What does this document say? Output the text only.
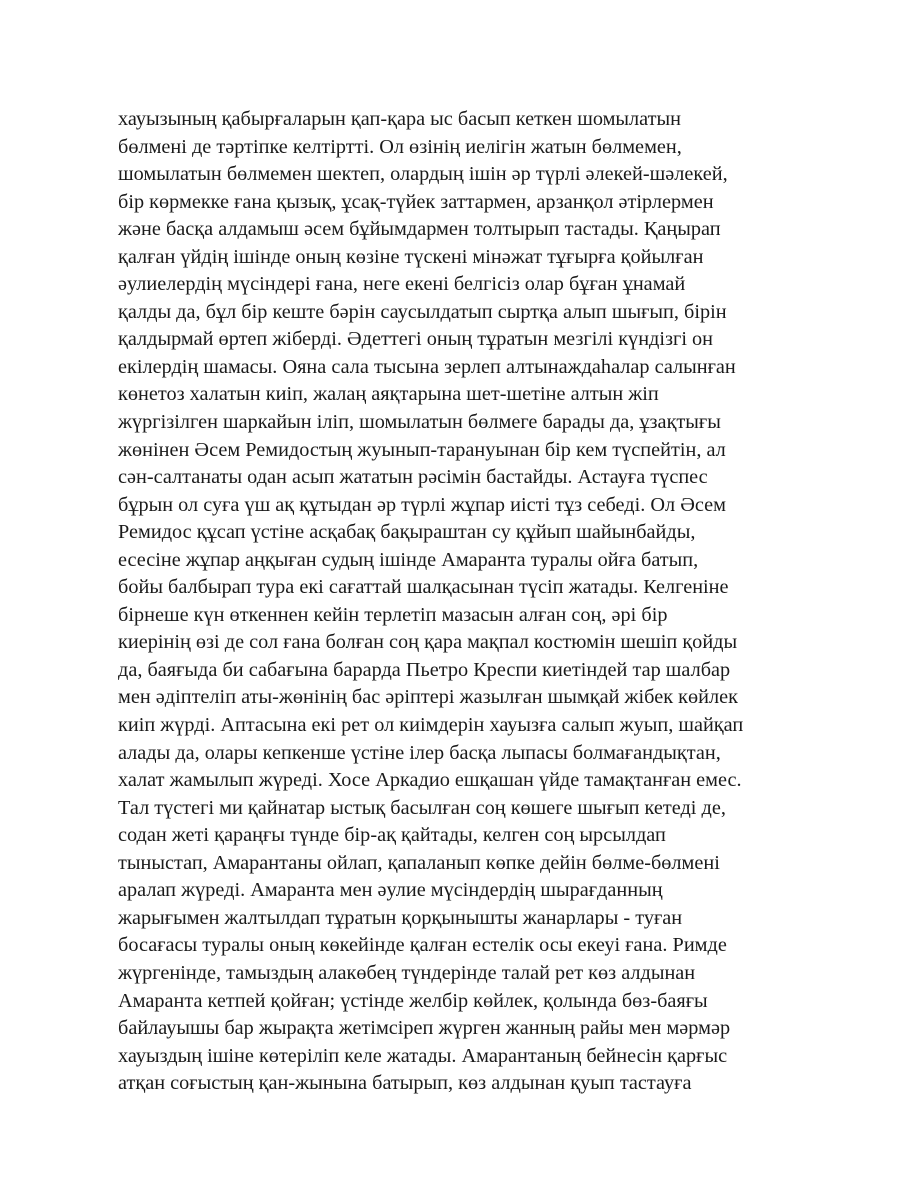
хауызының қабырғаларын қап-қара ыс басып кеткен шомылатын
бөлмені де тәртіпке келтіртті. Ол өзінің иелігін жатын бөлмемен,
шомылатын бөлмемен шектеп, олардың ішін әр түрлі әлекей-шәлекей,
бір көрмекке ғана қызық, ұсақ-түйек заттармен, арзанқол әтірлермен
және басқа алдамыш әсем бұйымдармен толтырып тастады. Қаңырап
қалған үйдің ішінде оның көзіне түскені мінәжат тұғырға қойылған
әулиелердің мүсіндері ғана, неге екені белгісіз олар бұған ұнамай
қалды да, бұл бір кеште бәрін саусылдатып сыртқа алып шығып, бірін
қалдырмай өртеп жіберді. Әдеттегі оның тұратын мезгілі күндізгі он
екілердің шамасы. Ояна сала тысына зерлеп алтынаждаһалар салынған
көнетоз халатын киіп, жалаң аяқтарына шет-шетіне алтын жіп
жүргізілген шаркайын іліп, шомылатын бөлмеге барады да, ұзақтығы
жөнінен Әсем Ремидостың жуынып-тарануынан бір кем түспейтін, ал
сән-салтанаты одан асып жататын рәсімін бастайды. Астауға түспес
бұрын ол суға үш ақ құтыдан әр түрлі жұпар иісті тұз себеді. Ол Әсем
Ремидос құсап үстіне асқабақ бақыраштан су құйып шайынбайды,
есесіне жұпар аңқыған судың ішінде Амаранта туралы ойға батып,
бойы балбырап тура екі сағаттай шалқасынан түсіп жатады. Келгеніне
бірнеше күн өткеннен кейін терлетіп мазасын алған соң, әрі бір
киерінің өзі де сол ғана болған соң қара мақпал костюмін шешіп қойды
да, баяғыда би сабағына барарда Пьетро Креспи киетіндей тар шалбар
мен әдіптеліп аты-жөнінің бас әріптері жазылған шымқай жібек көйлек
киіп жүрді. Аптасына екі рет ол киімдерін хауызға салып жуып, шайқап
алады да, олары кепкенше үстіне ілер басқа лыпасы болмағандықтан,
халат жамылып жүреді. Хосе Аркадио ешқашан үйде тамақтанған емес.
Тал түстегі ми қайнатар ыстық басылған соң көшеге шығып кетеді де,
содан жеті қараңғы түнде бір-ақ қайтады, келген соң ырсылдап
тыныстап, Амарантаны ойлап, қапаланып көпке дейін бөлме-бөлмені
аралап жүреді. Амаранта мен әулие мүсіндердің шырағданның
жарығымен жалтылдап тұратын қорқынышты жанарлары - туған
босағасы туралы оның көкейінде қалған естелік осы екеуі ғана. Римде
жүргенінде, тамыздың алакөбең түндерінде талай рет көз алдынан
Амаранта кетпей қойған; үстінде желбір көйлек, қолында бөз-баяғы
байлауышы бар жырақта жетімсіреп жүрген жанның райы мен мәрмәр
хауыздың ішіне көтеріліп келе жатады. Амарантаның бейнесін қарғыс
атқан соғыстың қан-жынына батырып, көз алдынан қуып тастауға
